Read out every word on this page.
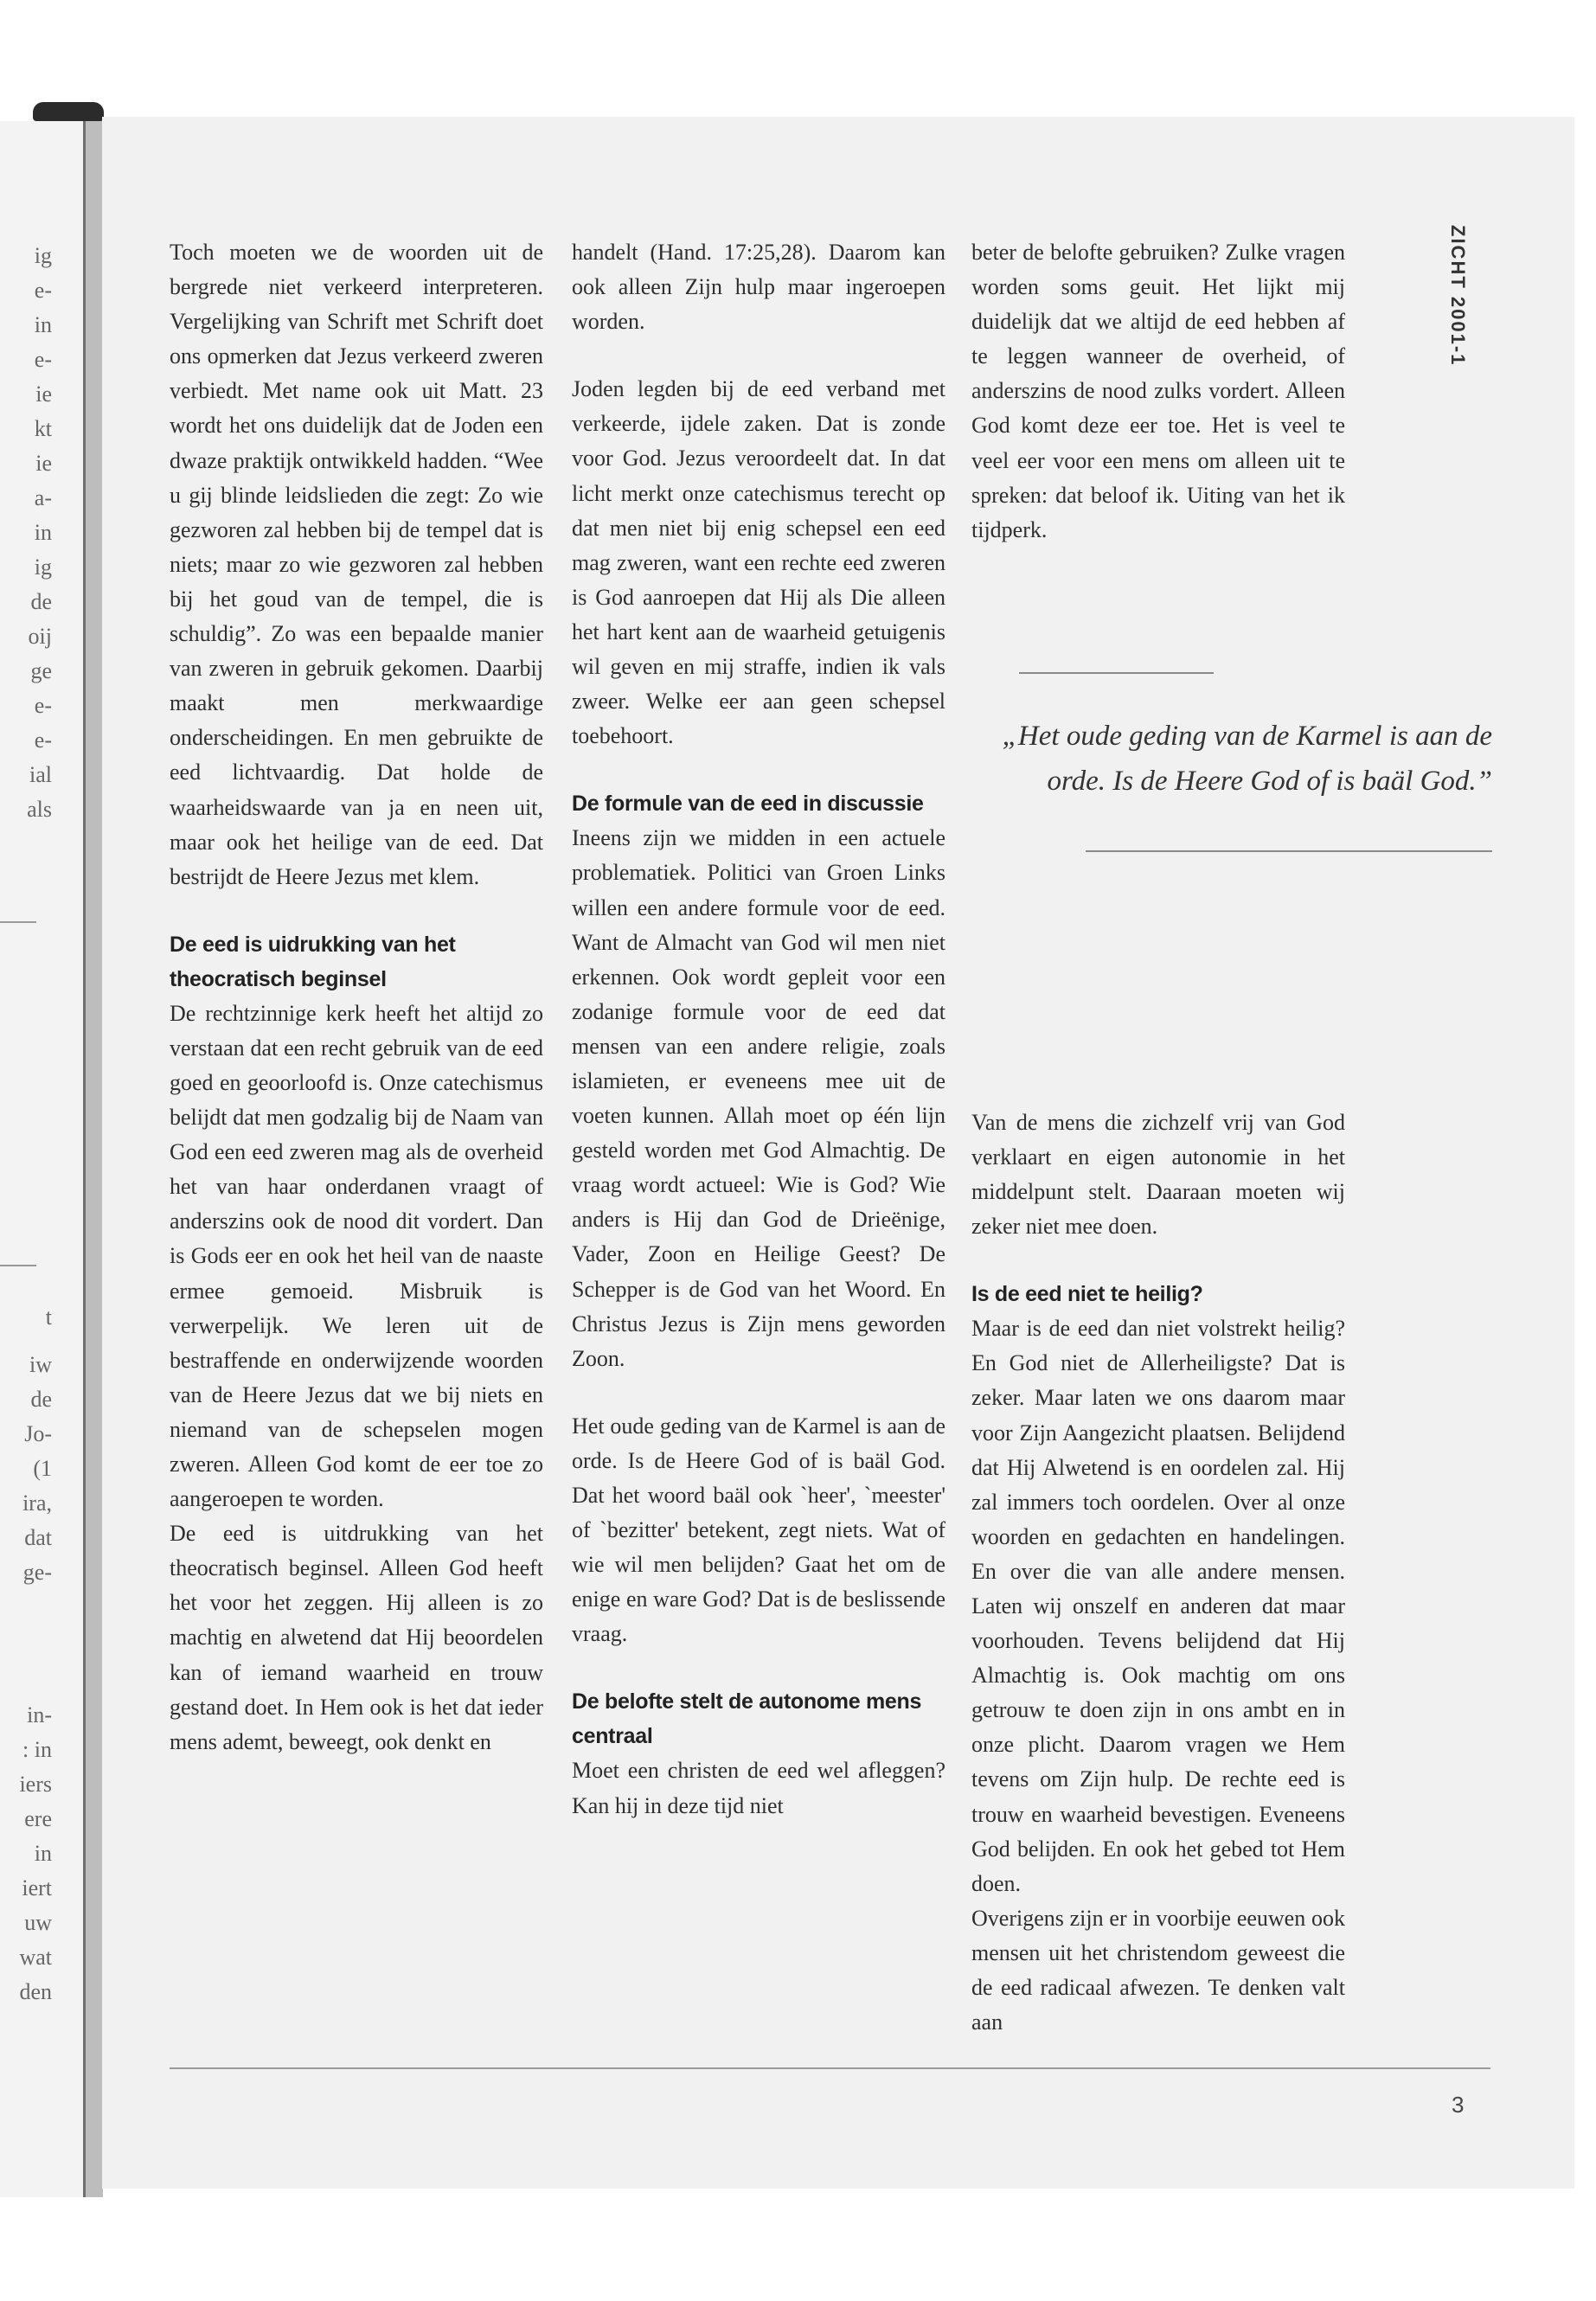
ig
e-
in
e-
ie
kt
ie
a-
in
ig
de
oij
ge
e-
e-
ial
als
t
iw
de
Jo-
(1
ira,
dat
ge-
in-
: in
iers
ere
in
iert
uw
wat
den
ZICHT 2001-1

Toch moeten we de woorden uit de bergrede niet verkeerd interpreteren. Vergelijking van Schrift met Schrift doet ons opmerken dat Jezus verkeerd zweren verbiedt. Met name ook uit Matt. 23 wordt het ons duidelijk dat de Joden een dwaze praktijk ontwikkeld hadden. “Wee u gij blinde leidslieden die zegt: Zo wie gezworen zal hebben bij de tempel dat is niets; maar zo wie gezworen zal hebben bij het goud van de tempel, die is schuldig”. Zo was een bepaalde manier van zweren in gebruik gekomen. Daarbij maakt men merkwaardige onderscheidingen. En men gebruikte de eed lichtvaardig. Dat holde de waarheidswaarde van ja en neen uit, maar ook het heilige van de eed. Dat bestrijdt de Heere Jezus met klem.

De eed is uidrukking van het theocratisch beginsel

De rechtzinnige kerk heeft het altijd zo verstaan dat een recht gebruik van de eed goed en geoorloofd is. Onze catechismus belijdt dat men godzalig bij de Naam van God een eed zweren mag als de overheid het van haar onderdanen vraagt of anderszins ook de nood dit vordert. Dan is Gods eer en ook het heil van de naaste ermee gemoeid. Misbruik is verwerpelijk. We leren uit de bestraffende en onderwijzende woorden van de Heere Jezus dat we bij niets en niemand van de schepselen mogen zweren. Alleen God komt de eer toe zo aangeroepen te worden.

De eed is uitdrukking van het theocratisch beginsel. Alleen God heeft het voor het zeggen. Hij alleen is zo machtig en alwetend dat Hij beoordelen kan of iemand waarheid en trouw gestand doet. In Hem ook is het dat ieder mens ademt, beweegt, ook denkt en

handelt (Hand. 17:25,28). Daarom kan ook alleen Zijn hulp maar ingeroepen worden.

Joden legden bij de eed verband met verkeerde, ijdele zaken. Dat is zonde voor God. Jezus veroordeelt dat. In dat licht merkt onze catechismus terecht op dat men niet bij enig schepsel een eed mag zweren, want een rechte eed zweren is God aanroepen dat Hij als Die alleen het hart kent aan de waarheid getuigenis wil geven en mij straffe, indien ik vals zweer. Welke eer aan geen schepsel toebehoort.

De formule van de eed in discussie

Ineens zijn we midden in een actuele problematiek. Politici van Groen Links willen een andere formule voor de eed. Want de Almacht van God wil men niet erkennen. Ook wordt gepleit voor een zodanige formule voor de eed dat mensen van een andere religie, zoals islamieten, er eveneens mee uit de voeten kunnen. Allah moet op één lijn gesteld worden met God Almachtig. De vraag wordt actueel: Wie is God? Wie anders is Hij dan God de Drieënige, Vader, Zoon en Heilige Geest? De Schepper is de God van het Woord. En Christus Jezus is Zijn mens geworden Zoon.

Het oude geding van de Karmel is aan de orde. Is de Heere God of is baäl God. Dat het woord baäl ook `heer', `meester' of `bezitter' betekent, zegt niets. Wat of wie wil men belijden? Gaat het om de enige en ware God? Dat is de beslissende vraag.

De belofte stelt de autonome mens centraal

Moet een christen de eed wel afleggen? Kan hij in deze tijd niet

beter de belofte gebruiken? Zulke vragen worden soms geuit. Het lijkt mij duidelijk dat we altijd de eed hebben af te leggen wanneer de overheid, of anderszins de nood zulks vordert. Alleen God komt deze eer toe. Het is veel te veel eer voor een mens om alleen uit te spreken: dat beloof ik. Uiting van het ik tijdperk.

Van de mens die zichzelf vrij van God verklaart en eigen autonomie in het middelpunt stelt. Daaraan moeten wij zeker niet mee doen.

Is de eed niet te heilig?

Maar is de eed dan niet volstrekt heilig? En God niet de Allerheiligste? Dat is zeker. Maar laten we ons daarom maar voor Zijn Aangezicht plaatsen. Belijdend dat Hij Alwetend is en oordelen zal. Hij zal immers toch oordelen. Over al onze woorden en gedachten en handelingen. En over die van alle andere mensen. Laten wij onszelf en anderen dat maar voorhouden. Tevens belijdend dat Hij Almachtig is. Ook machtig om ons getrouw te doen zijn in ons ambt en in onze plicht. Daarom vragen we Hem tevens om Zijn hulp. De rechte eed is trouw en waarheid bevestigen. Eveneens God belijden. En ook het gebed tot Hem doen.

Overigens zijn er in voorbije eeuwen ook mensen uit het christendom geweest die de eed radicaal afwezen. Te denken valt aan

„Het oude geding van de Karmel is aan de orde. Is de Heere God of is baäl God.”
3
